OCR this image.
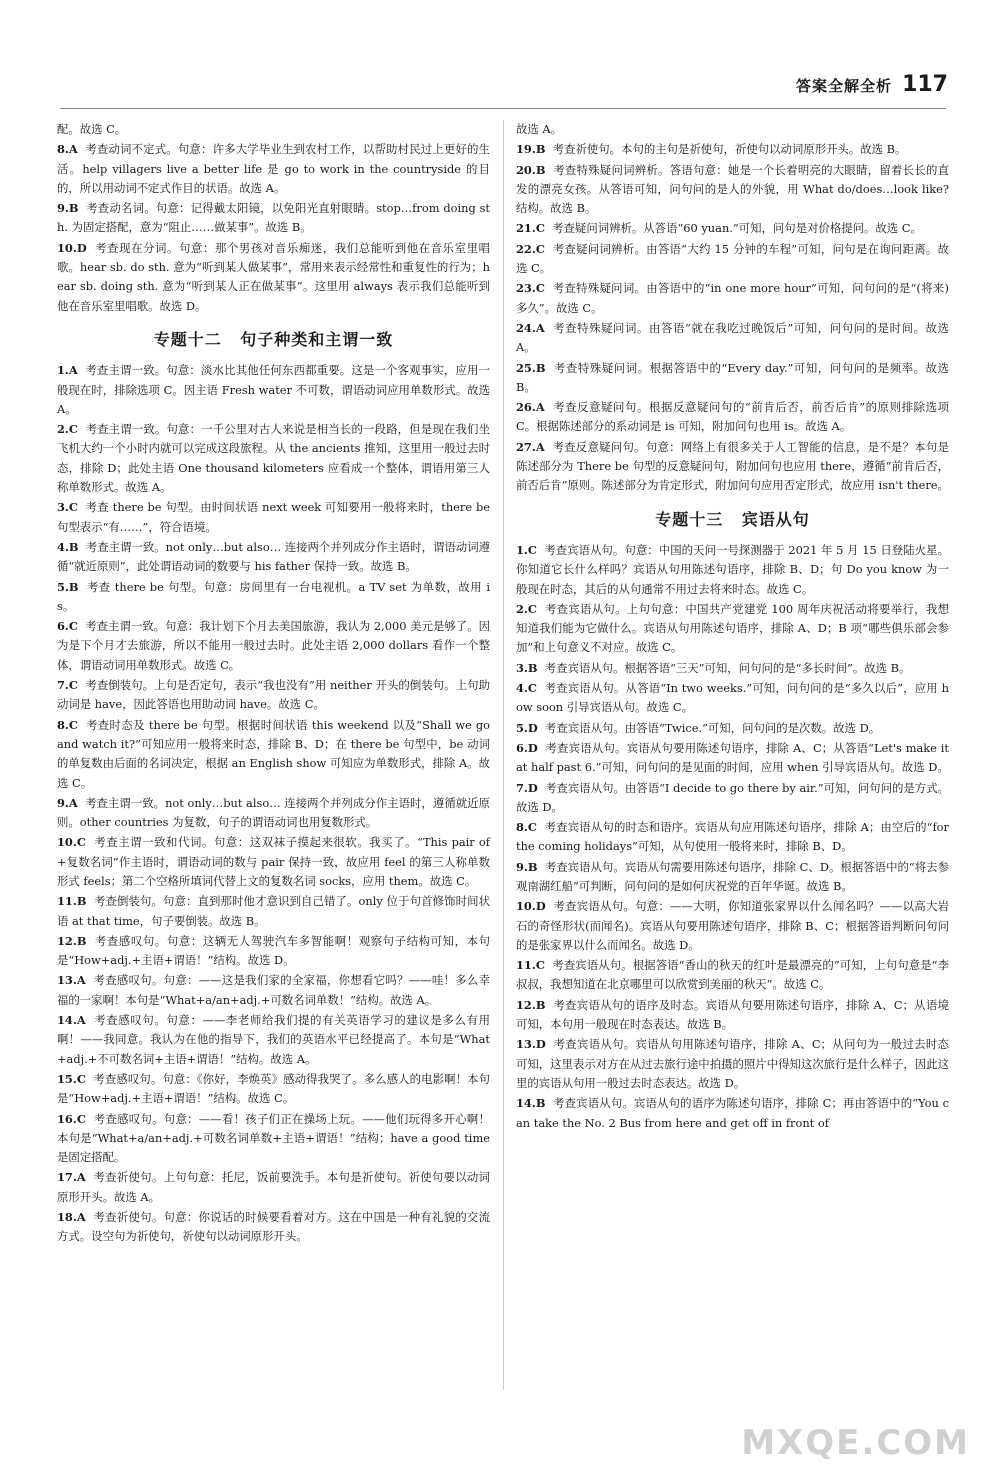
答案全解全析 117

配。故选 C。

8.A 考查动词不定式。句意：许多大学毕业生到农村工作，以帮助村民过上更好的生活。help villagers live a better life 是 go to work in the countryside 的目的，所以用动词不定式作目的状语。故选 A。

9.B 考查动名词。句意：记得戴太阳镜，以免阳光直射眼睛。stop…from doing sth. 为固定搭配，意为“阻止……做某事”。故选 B。

10.D 考查现在分词。句意：那个男孩对音乐痴迷，我们总能听到他在音乐室里唱歌。hear sb. do sth. 意为“听到某人做某事”，常用来表示经常性和重复性的行为；hear sb. doing sth. 意为“听到某人正在做某事”。这里用 always 表示我们总能听到他在音乐室里唱歌。故选 D。

专题十二 句子种类和主谓一致

1.A 考查主谓一致。句意：淡水比其他任何东西都重要。这是一个客观事实，应用一般现在时，排除选项 C。因主语 Fresh water 不可数，谓语动词应用单数形式。故选 A。

2.C 考查主谓一致。句意：一千公里对古人来说是相当长的一段路，但是现在我们坐飞机大约一个小时内就可以完成这段旅程。从 the ancients 推知，这里用一般过去时态，排除 D；此处主语 One thousand kilometers 应看成一个整体，谓语用第三人称单数形式。故选 A。

3.C 考查 there be 句型。由时间状语 next week 可知要用一般将来时，there be 句型表示“有……”，符合语境。

4.B 考查主谓一致。not only…but also… 连接两个并列成分作主语时，谓语动词遵循“就近原则”，此处谓语动词的数要与 his father 保持一致。故选 B。

5.B 考查 there be 句型。句意：房间里有一台电视机。a TV set 为单数，故用 is。

6.C 考查主谓一致。句意：我计划下个月去美国旅游，我认为 2,000 美元是够了。因为是下个月才去旅游，所以不能用一般过去时。此处主语 2,000 dollars 看作一个整体，谓语动词用单数形式。故选 C。

7.C 考查倒装句。上句是否定句，表示“我也没有”用 neither 开头的倒装句。上句助动词是 have，因此答语也用助动词 have。故选 C。

8.C 考查时态及 there be 句型。根据时间状语 this weekend 以及“Shall we go and watch it?”可知应用一般将来时态，排除 B、D；在 there be 句型中，be 动词的单复数由后面的名词决定，根据 an English show 可知应为单数形式，排除 A。故选 C。

9.A 考查主谓一致。not only…but also… 连接两个并列成分作主语时，遵循就近原则。other countries 为复数，句子的谓语动词也用复数形式。

10.C 考查主谓一致和代词。句意：这双袜子摸起来很软。我买了。“This pair of+复数名词”作主语时，谓语动词的数与 pair 保持一致，故应用 feel 的第三人称单数形式 feels；第二个空格所填词代替上文的复数名词 socks，应用 them。故选 C。

11.B 考查倒装句。句意：直到那时他才意识到自己错了。only 位于句首修饰时间状语 at that time，句子要倒装。故选 B。

12.B 考查感叹句。句意：这辆无人驾驶汽车多智能啊！观察句子结构可知，本句是“How+adj.+主语+谓语！”结构。故选 D。

13.A 考查感叹句。句意：——这是我们家的全家福，你想看它吗？——哇！多么幸福的一家啊！本句是“What+a/an+adj.+可数名词单数！”结构。故选 A。

14.A 考查感叹句。句意：——李老师给我们提的有关英语学习的建议是多么有用啊！——我同意。我认为在他的指导下，我们的英语水平已经提高了。本句是“What+adj.+不可数名词+主语+谓语！”结构。故选 A。

15.C 考查感叹句。句意：《你好，李焕英》感动得我哭了。多么感人的电影啊！本句是“How+adj.+主语+谓语！”结构。故选 C。

16.C 考查感叹句。句意：——看！孩子们正在操场上玩。——他们玩得多开心啊！本句是“What+a/an+adj.+可数名词单数+主语+谓语！”结构；have a good time 是固定搭配。

17.A 考查祈使句。上句句意：托尼，饭前要洗手。本句是祈使句。祈使句要以动词原形开头。故选 A。

18.A 考查祈使句。句意：你说话的时候要看着对方。这在中国是一种有礼貌的交流方式。设空句为祈使句，祈使句以动词原形开头。

故选 A。

19.B 考查祈使句。本句的主句是祈使句，祈使句以动词原形开头。故选 B。

20.B 考查特殊疑问词辨析。答语句意：她是一个长着明亮的大眼睛，留着长长的直发的漂亮女孩。从答语可知，问句问的是人的外貌，用 What do/does…look like? 结构。故选 B。

21.C 考查疑问词辨析。从答语“60 yuan.”可知，问句是对价格提问。故选 C。

22.C 考查疑问词辨析。由答语“大约 15 分钟的车程”可知，问句是在询问距离。故选 C。

23.C 考查特殊疑问词。由答语中的“in one more hour”可知，问句问的是“(将来)多久”。故选 C。

24.A 考查特殊疑问词。由答语“就在我吃过晚饭后”可知，问句问的是时间。故选 A。

25.B 考查特殊疑问词。根据答语中的“Every day.”可知，问句问的是频率。故选 B。

26.A 考查反意疑问句。根据反意疑问句的“前肯后否，前否后肯”的原则排除选项 C。根据陈述部分的系动词是 is 可知，附加问句也用 is。故选 A。

27.A 考查反意疑问句。句意：网络上有很多关于人工智能的信息，是不是？本句是陈述部分为 There be 句型的反意疑问句，附加问句也应用 there，遵循“前肯后否，前否后肯”原则。陈述部分为肯定形式，附加问句应用否定形式，故应用 isn't there。

专题十三 宾语从句

1.C 考查宾语从句。句意：中国的天问一号探测器于 2021 年 5 月 15 日登陆火星。你知道它长什么样吗？宾语从句用陈述句语序，排除 B、D；句 Do you know 为一般现在时态，其后的从句通常不用过去将来时态。故选 C。

2.C 考查宾语从句。上句句意：中国共产党建党 100 周年庆祝活动将要举行，我想知道我们能为它做什么。宾语从句用陈述句语序，排除 A、D；B 项“哪些俱乐部会参加”和上句意义不对应。故选 C。

3.B 考查宾语从句。根据答语“三天”可知，问句问的是“多长时间”。故选 B。

4.C 考查宾语从句。从答语“In two weeks.”可知，问句问的是“多久以后”，应用 how soon 引导宾语从句。故选 C。

5.D 考查宾语从句。由答语“Twice.”可知，问句问的是次数。故选 D。

6.D 考查宾语从句。宾语从句要用陈述句语序，排除 A、C；从答语“Let's make it at half past 6.”可知，问句问的是见面的时间，应用 when 引导宾语从句。故选 D。

7.D 考查宾语从句。由答语“I decide to go there by air.”可知，问句问的是方式。故选 D。

8.C 考查宾语从句的时态和语序。宾语从句应用陈述句语序，排除 A；由空后的“for the coming holidays”可知，从句使用一般将来时，排除 B、D。

9.B 考查宾语从句。宾语从句需要用陈述句语序，排除 C、D。根据答语中的“将去参观南湖红船”可判断，问句问的是如何庆祝党的百年华诞。故选 B。

10.D 考查宾语从句。句意：——大明，你知道张家界以什么闻名吗？——以高大岩石的奇怪形状(而闻名)。宾语从句要用陈述句语序，排除 B、C；根据答语判断问句问的是张家界以什么而闻名。故选 D。

11.C 考查宾语从句。根据答语“香山的秋天的红叶是最漂亮的”可知，上句句意是“李叔叔，我想知道在北京哪里可以欣赏到美丽的秋天”。故选 C。

12.B 考查宾语从句的语序及时态。宾语从句要用陈述句语序，排除 A、C；从语境可知，本句用一般现在时态表达。故选 B。

13.D 考查宾语从句。宾语从句用陈述句语序，排除 A、C；从问句为一般过去时态可知，这里表示对方在从过去旅行途中拍摄的照片中得知这次旅行是什么样子，因此这里的宾语从句用一般过去时态表达。故选 D。

14.B 考查宾语从句。宾语从句的语序为陈述句语序，排除 C；再由答语中的“You can take the No. 2 Bus from here and get off in front of

MXQE.COM
